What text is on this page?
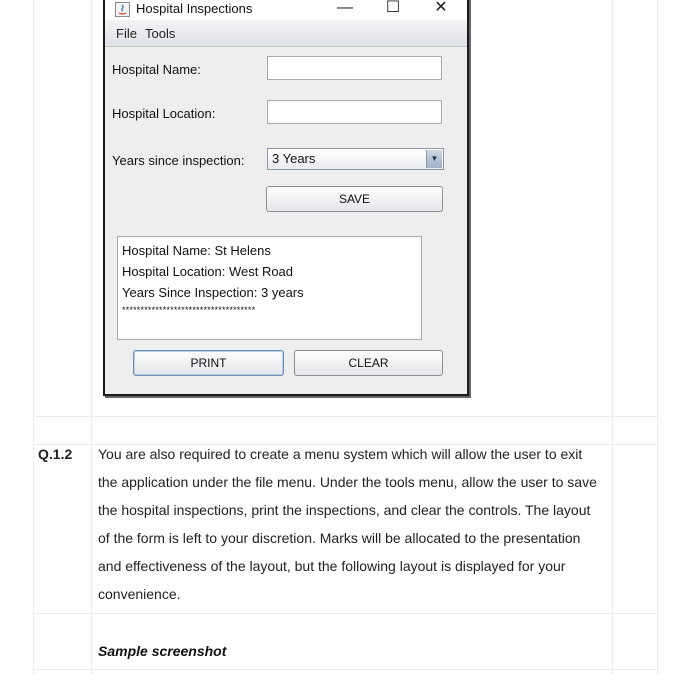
Hospital Inspections	—	☐	✕
File Tools
Hospital Name:
Hospital Location:
Years since inspection: 3 Years	▼
SAVE
Hospital Name: St Helens
Hospital Location: West Road
Years Since Inspection: 3 years
************************************
PRINT	CLEAR
Q.1.2 You are also required to create a menu system which will allow the user to exit
the application under the file menu. Under the tools menu, allow the user to save
the hospital inspections, print the inspections, and clear the controls. The layout
of the form is left to your discretion. Marks will be allocated to the presentation
and effectiveness of the layout, but the following layout is displayed for your
convenience.
Sample screenshot
